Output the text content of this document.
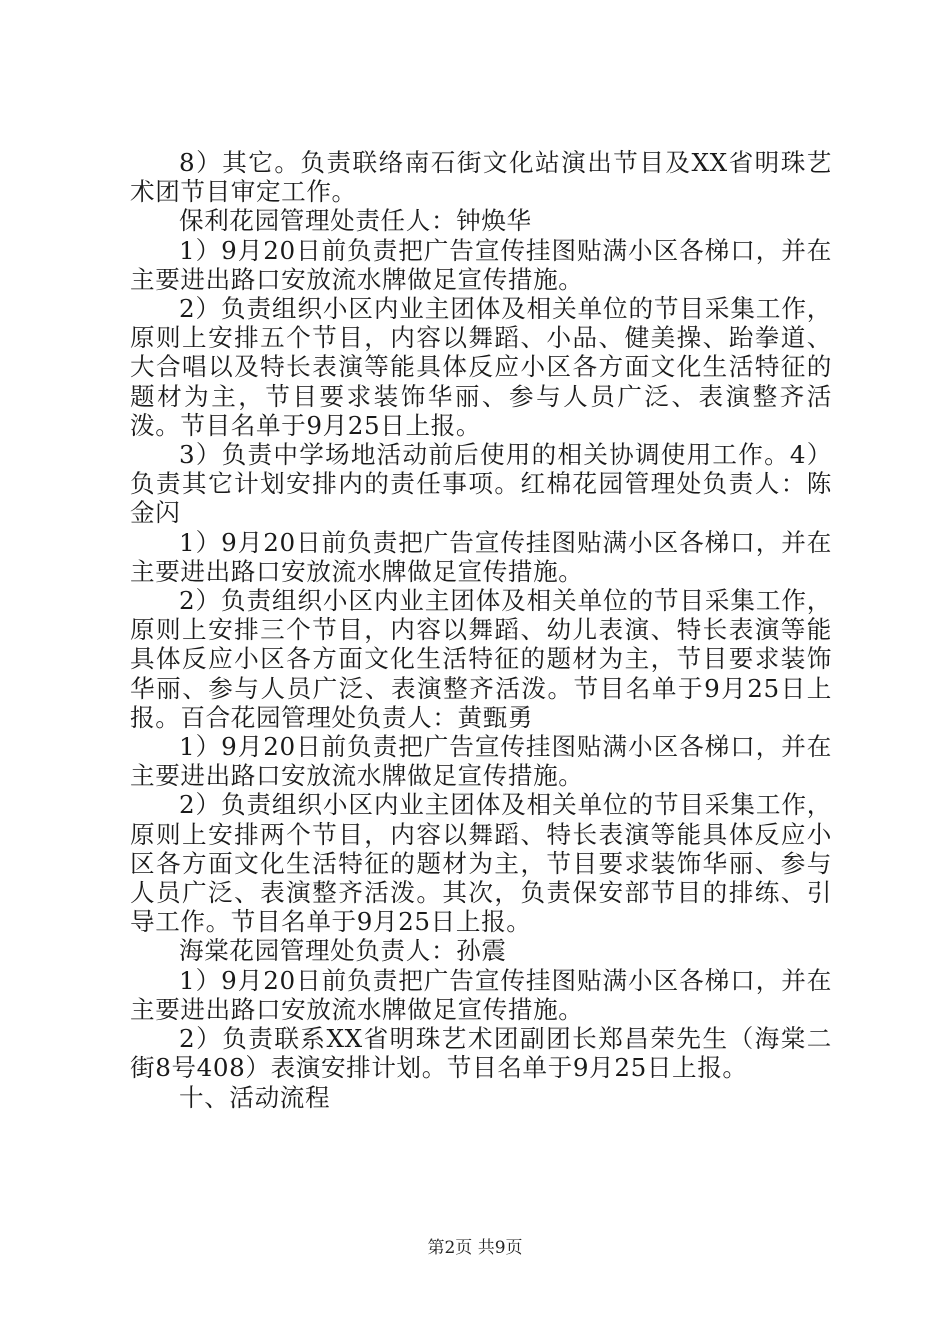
8）其它。负责联络南石街文化站演出节目及XX省明珠艺术团节目审定工作。

保利花园管理处责任人：钟焕华

1）9月20日前负责把广告宣传挂图贴满小区各梯口，并在主要进出路口安放流水牌做足宣传措施。

2）负责组织小区内业主团体及相关单位的节目采集工作，原则上安排五个节目，内容以舞蹈、小品、健美操、跆拳道、大合唱以及特长表演等能具体反应小区各方面文化生活特征的题材为主，节目要求装饰华丽、参与人员广泛、表演整齐活泼。节目名单于9月25日上报。

3）负责中学场地活动前后使用的相关协调使用工作。4）负责其它计划安排内的责任事项。红棉花园管理处负责人：陈金闪

1）9月20日前负责把广告宣传挂图贴满小区各梯口，并在主要进出路口安放流水牌做足宣传措施。

2）负责组织小区内业主团体及相关单位的节目采集工作，原则上安排三个节目，内容以舞蹈、幼儿表演、特长表演等能具体反应小区各方面文化生活特征的题材为主，节目要求装饰华丽、参与人员广泛、表演整齐活泼。节目名单于9月25日上报。百合花园管理处负责人：黄甄勇

1）9月20日前负责把广告宣传挂图贴满小区各梯口，并在主要进出路口安放流水牌做足宣传措施。

2）负责组织小区内业主团体及相关单位的节目采集工作，原则上安排两个节目，内容以舞蹈、特长表演等能具体反应小区各方面文化生活特征的题材为主，节目要求装饰华丽、参与人员广泛、表演整齐活泼。其次，负责保安部节目的排练、引导工作。节目名单于9月25日上报。

海棠花园管理处负责人：孙震

1）9月20日前负责把广告宣传挂图贴满小区各梯口，并在主要进出路口安放流水牌做足宣传措施。

2）负责联系XX省明珠艺术团副团长郑昌荣先生（海棠二街8号408）表演安排计划。节目名单于9月25日上报。

十、活动流程

第2页 共9页
